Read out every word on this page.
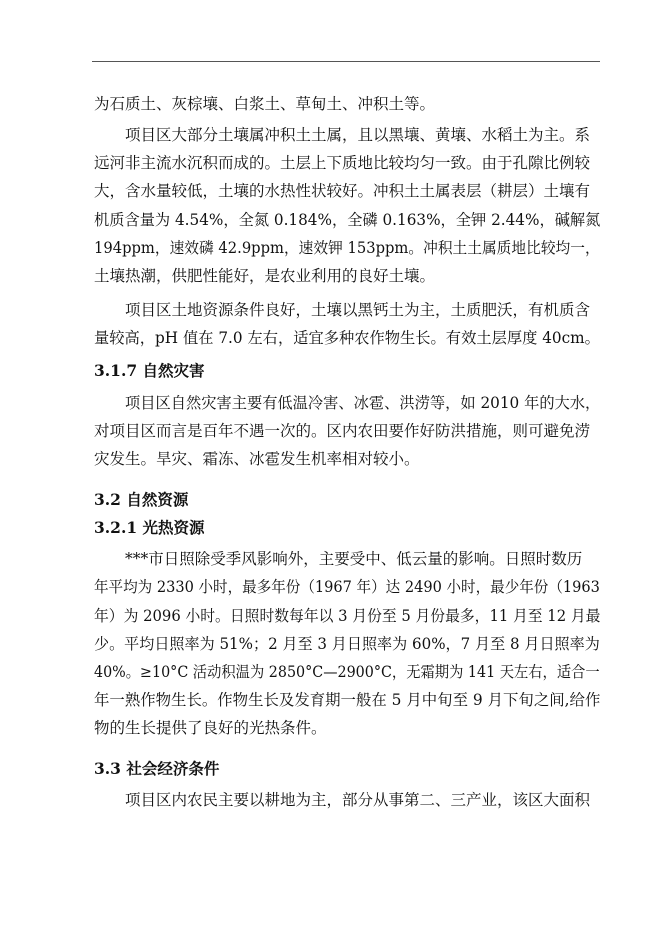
为石质土、灰棕壤、白浆土、草甸土、冲积土等。
项目区大部分土壤属冲积土土属，且以黑壤、黄壤、水稻土为主。系
远河非主流水沉积而成的。土层上下质地比较均匀一致。由于孔隙比例较
大，含水量较低，土壤的水热性状较好。冲积土土属表层（耕层）土壤有
机质含量为 4.54%，全氮 0.184%，全磷 0.163%，全钾 2.44%，碱解氮
194ppm，速效磷 42.9ppm，速效钾 153ppm。冲积土土属质地比较均一，
土壤热潮，供肥性能好，是农业利用的良好土壤。
项目区土地资源条件良好，土壤以黑钙土为主，土质肥沃，有机质含
量较高，pH 值在 7.0 左右，适宜多种农作物生长。有效土层厚度 40cm。
3.1.7 自然灾害
项目区自然灾害主要有低温冷害、冰雹、洪涝等，如 2010 年的大水，
对项目区而言是百年不遇一次的。区内农田要作好防洪措施，则可避免涝
灾发生。旱灾、霜冻、冰雹发生机率相对较小。
3.2 自然资源
3.2.1 光热资源
***市日照除受季风影响外，主要受中、低云量的影响。日照时数历
年平均为 2330 小时，最多年份（1967 年）达 2490 小时，最少年份（1963
年）为 2096 小时。日照时数每年以 3 月份至 5 月份最多，11 月至 12 月最
少。平均日照率为 51%；2 月至 3 月日照率为 60%，7 月至 8 月日照率为
40%。≥10°C 活动积温为 2850°C—2900°C，无霜期为 141 天左右，适合一
年一熟作物生长。作物生长及发育期一般在 5 月中旬至 9 月下旬之间,给作
物的生长提供了良好的光热条件。
3.3 社会经济条件
项目区内农民主要以耕地为主，部分从事第二、三产业，该区大面积
